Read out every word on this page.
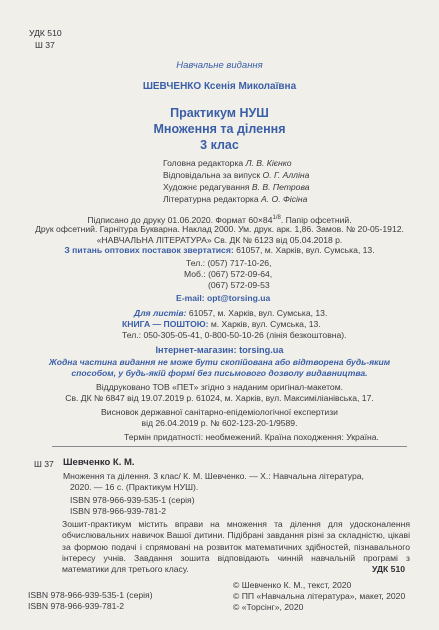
УДК 510
Ш 37
Навчальне видання
ШЕВЧЕНКО Ксенія Миколаївна
Практикум НУШ
Множення та ділення
3 клас
Головна редакторка Л. В. Кієнко
Відповідальна за випуск О. Г. Алліна
Художнє редагування В. В. Петрова
Літературна редакторка А. О. Фісіна
Підписано до друку 01.06.2020. Формат $60\times 84^{1/8}$. Папір офсетний.
Друк офсетний. Гарнітура Букварна. Наклад 2000. Ум. друк. арк. 1,86. Замов. № 20-05-1912.
«НАВЧАЛЬНА ЛІТЕРАТУРА» Св. ДК № 6123 від 05.04.2018 р.
З питань оптових поставок звертатися: 61057, м. Харків, вул. Сумська, 13.
Тел.: (057) 717-10-26,
Моб.: (067) 572-09-64,
(067) 572-09-53
E-mail: opt@torsing.ua
Для листів: 61057, м. Харків, вул. Сумська, 13.
КНИГА — ПОШТОЮ: м. Харків, вул. Сумська, 13.
Тел.: 050-305-05-41, 0-800-50-10-26 (лінія безкоштовна).
Інтернет-магазин: torsing.ua
Жодна частина видання не може бути скопійована або відтворена будь-яким
способом, у будь-якій формі без письмового дозволу видавництва.
Віддруковано ТОВ «ПЕТ» згідно з наданим оригінал-макетом.
Св. ДК № 6847 від 19.07.2019 р. 61024, м. Харків, вул. Максиміліанівська, 17.
Висновок державної санітарно-епідеміологічної експертизи
від 26.04.2019 р. № 602-123-20-1/9589.
Термін придатності: необмежений. Країна походження: Україна.
Ш 37 Шевченко К. М.
Множення та ділення. 3 клас/ К. М. Шевченко. — Х.: Навчальна література,
2020. — 16 с. (Практикум НУШ).
ISBN 978-966-939-535-1 (серія)
ISBN 978-966-939-781-2
Зошит-практикум містить вправи на множення та ділення для удосконалення обчислювальних навичок Вашої дитини. Підібрані завдання різні за складністю, цікаві за формою подачі і спрямовані на розвиток математичних здібностей, пізнавального інтересу учнів. Завдання зошита відповідають чинній навчальній програмі з математики для третього класу.	УДК 510
ISBN 978-966-939-535-1 (серія)
ISBN 978-966-939-781-2
© Шевченко К. М., текст, 2020
© ПП «Навчальна література», макет, 2020
© «Торсінг», 2020
